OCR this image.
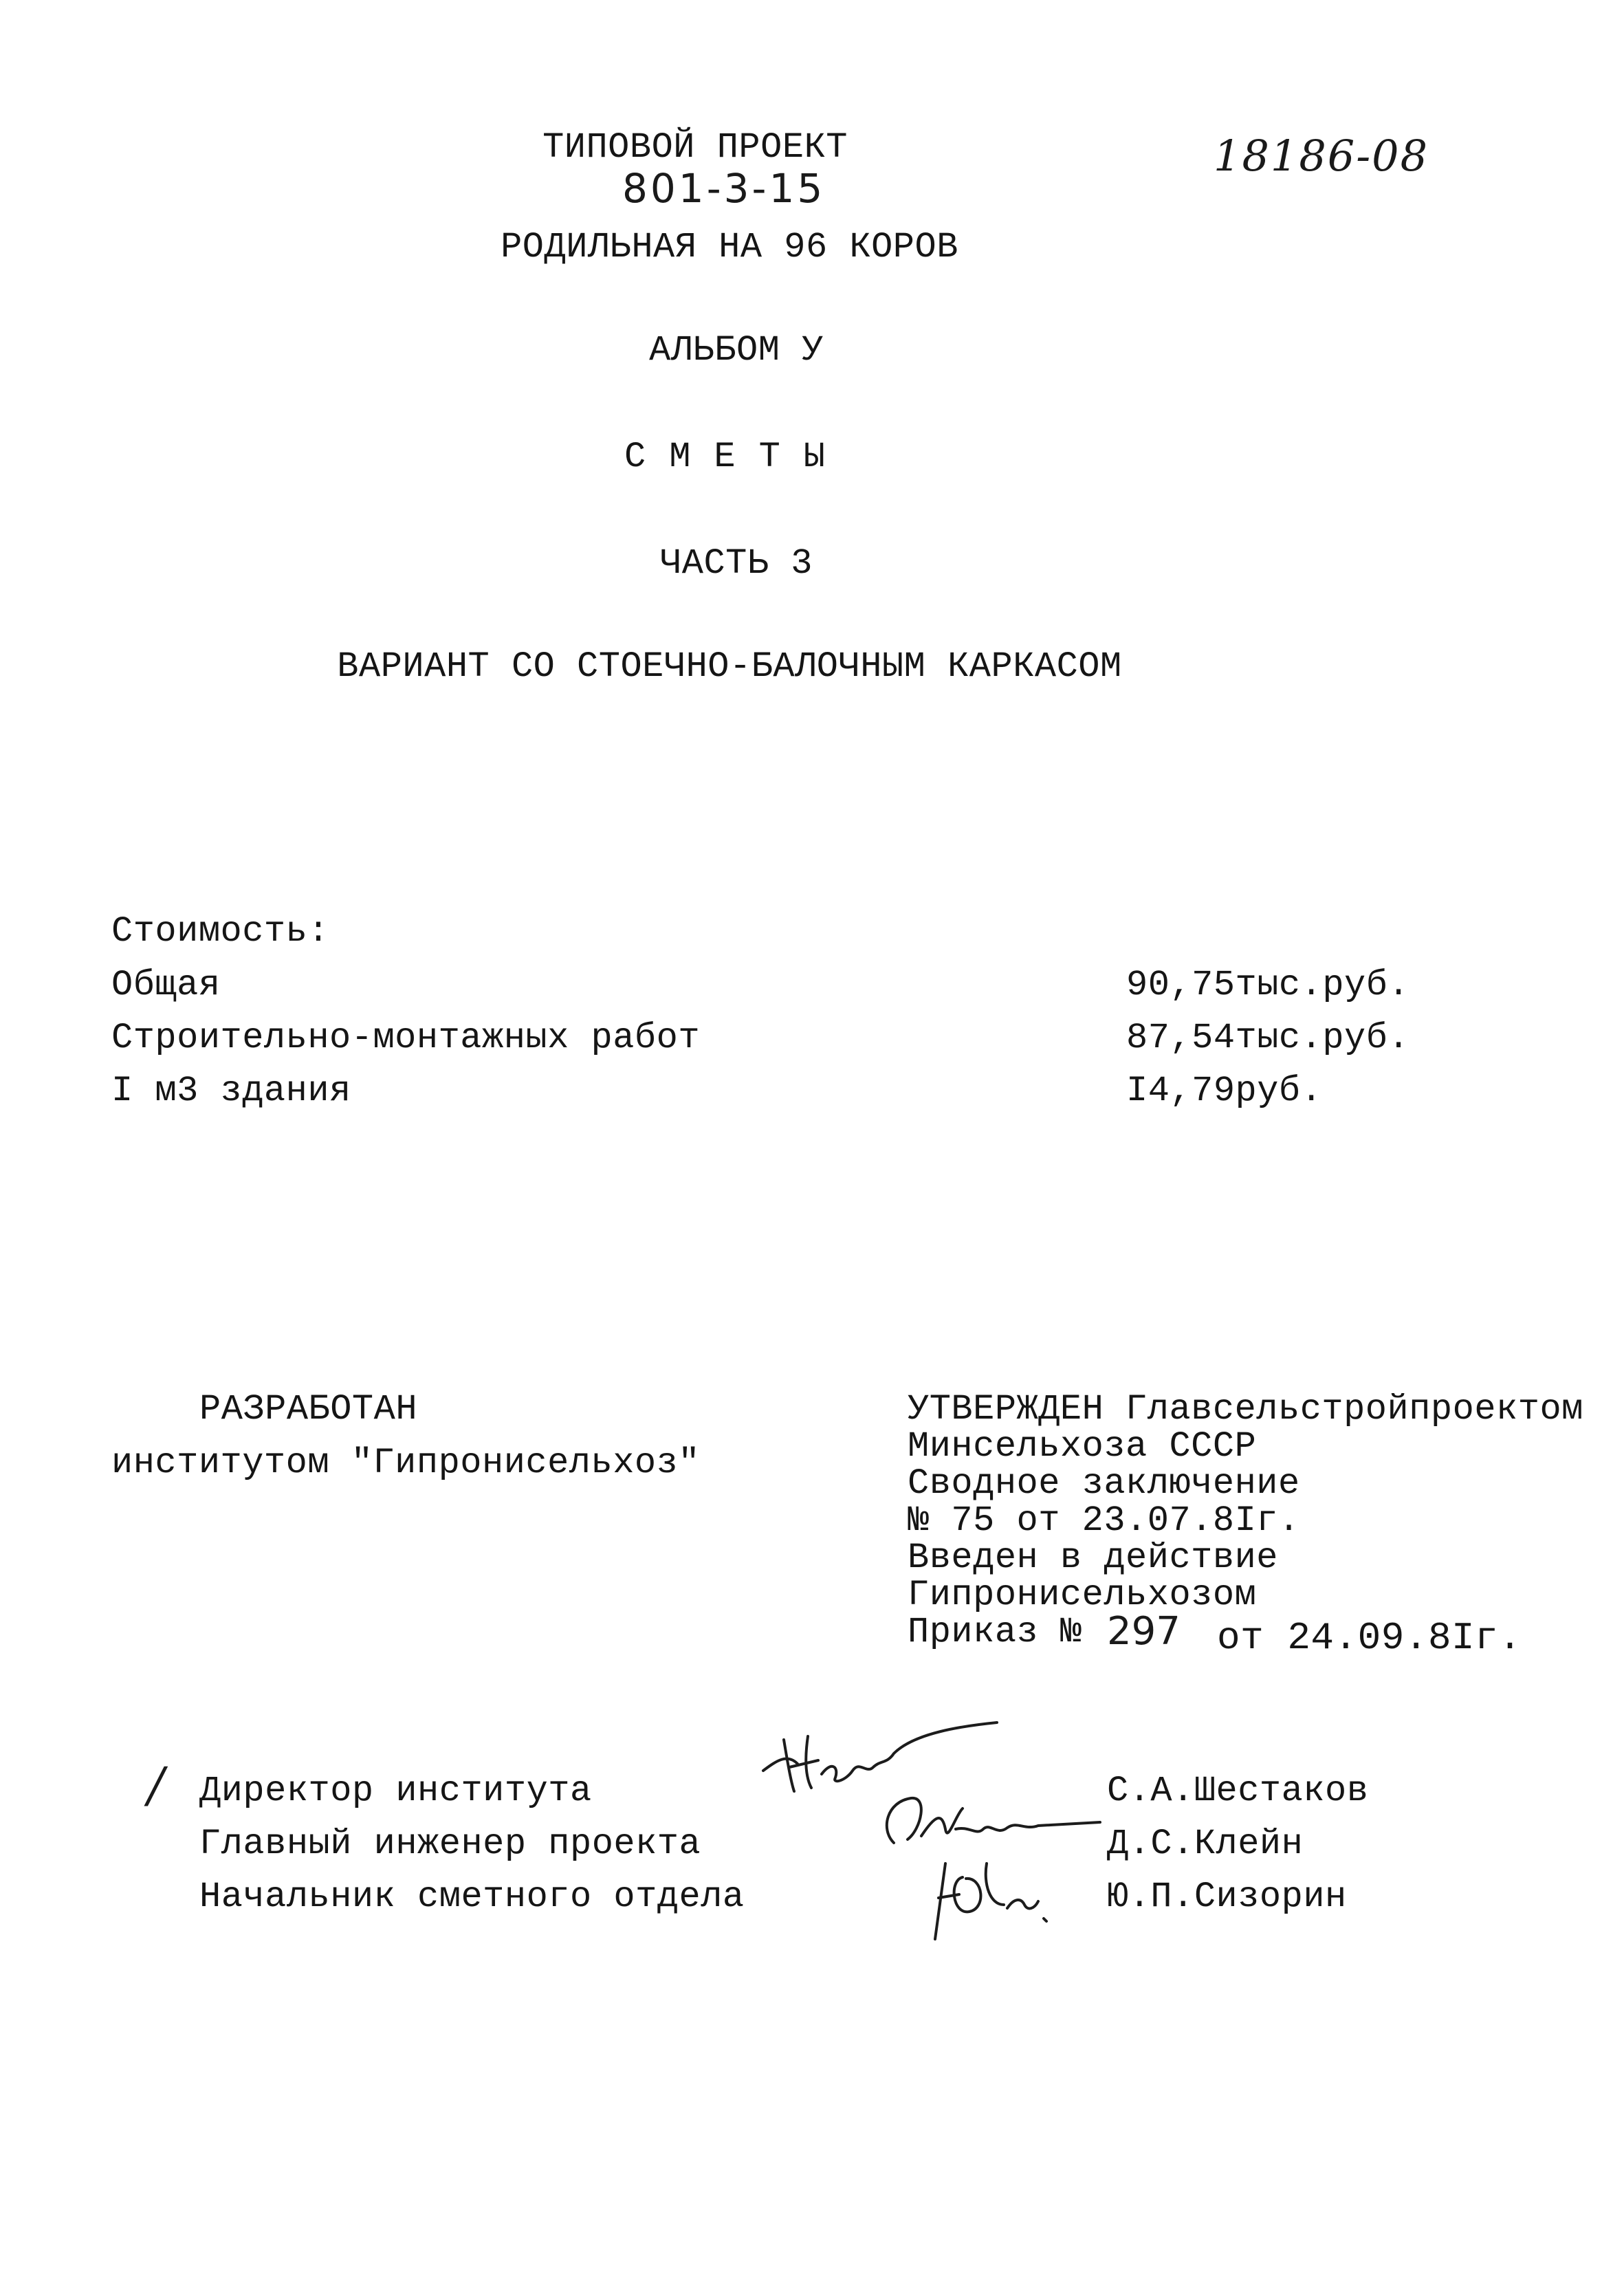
ТИПОВОЙ ПРОЕКТ
801-3-15
18186-08
РОДИЛЬНАЯ НА 96 КОРОВ
АЛЬБОМ У
СМЕТЫ
ЧАСТЬ 3
ВАРИАНТ СО СТОЕЧНО-БАЛОЧНЫМ КАРКАСОМ
Стоимость:
Общая	90,75тыс.руб.
Строительно-монтажных работ	87,54тыс.руб.
I м3 здания	I4,79руб.
РАЗРАБОТАН
институтом "Гипронисельхоз"
УТВЕРЖДЕН Главсельстройпроектом
Минсельхоза СССР
Сводное заключение
№ 75 от 23.07.8Iг.
Введен в действие
Гипронисельхозом
Приказ № 297 от 24.09.8Iг.
/ Директор института	С.А.Шестаков
Главный инженер проекта	Д.С.Клейн
Начальник сметного отдела	Ю.П.Сизорин
